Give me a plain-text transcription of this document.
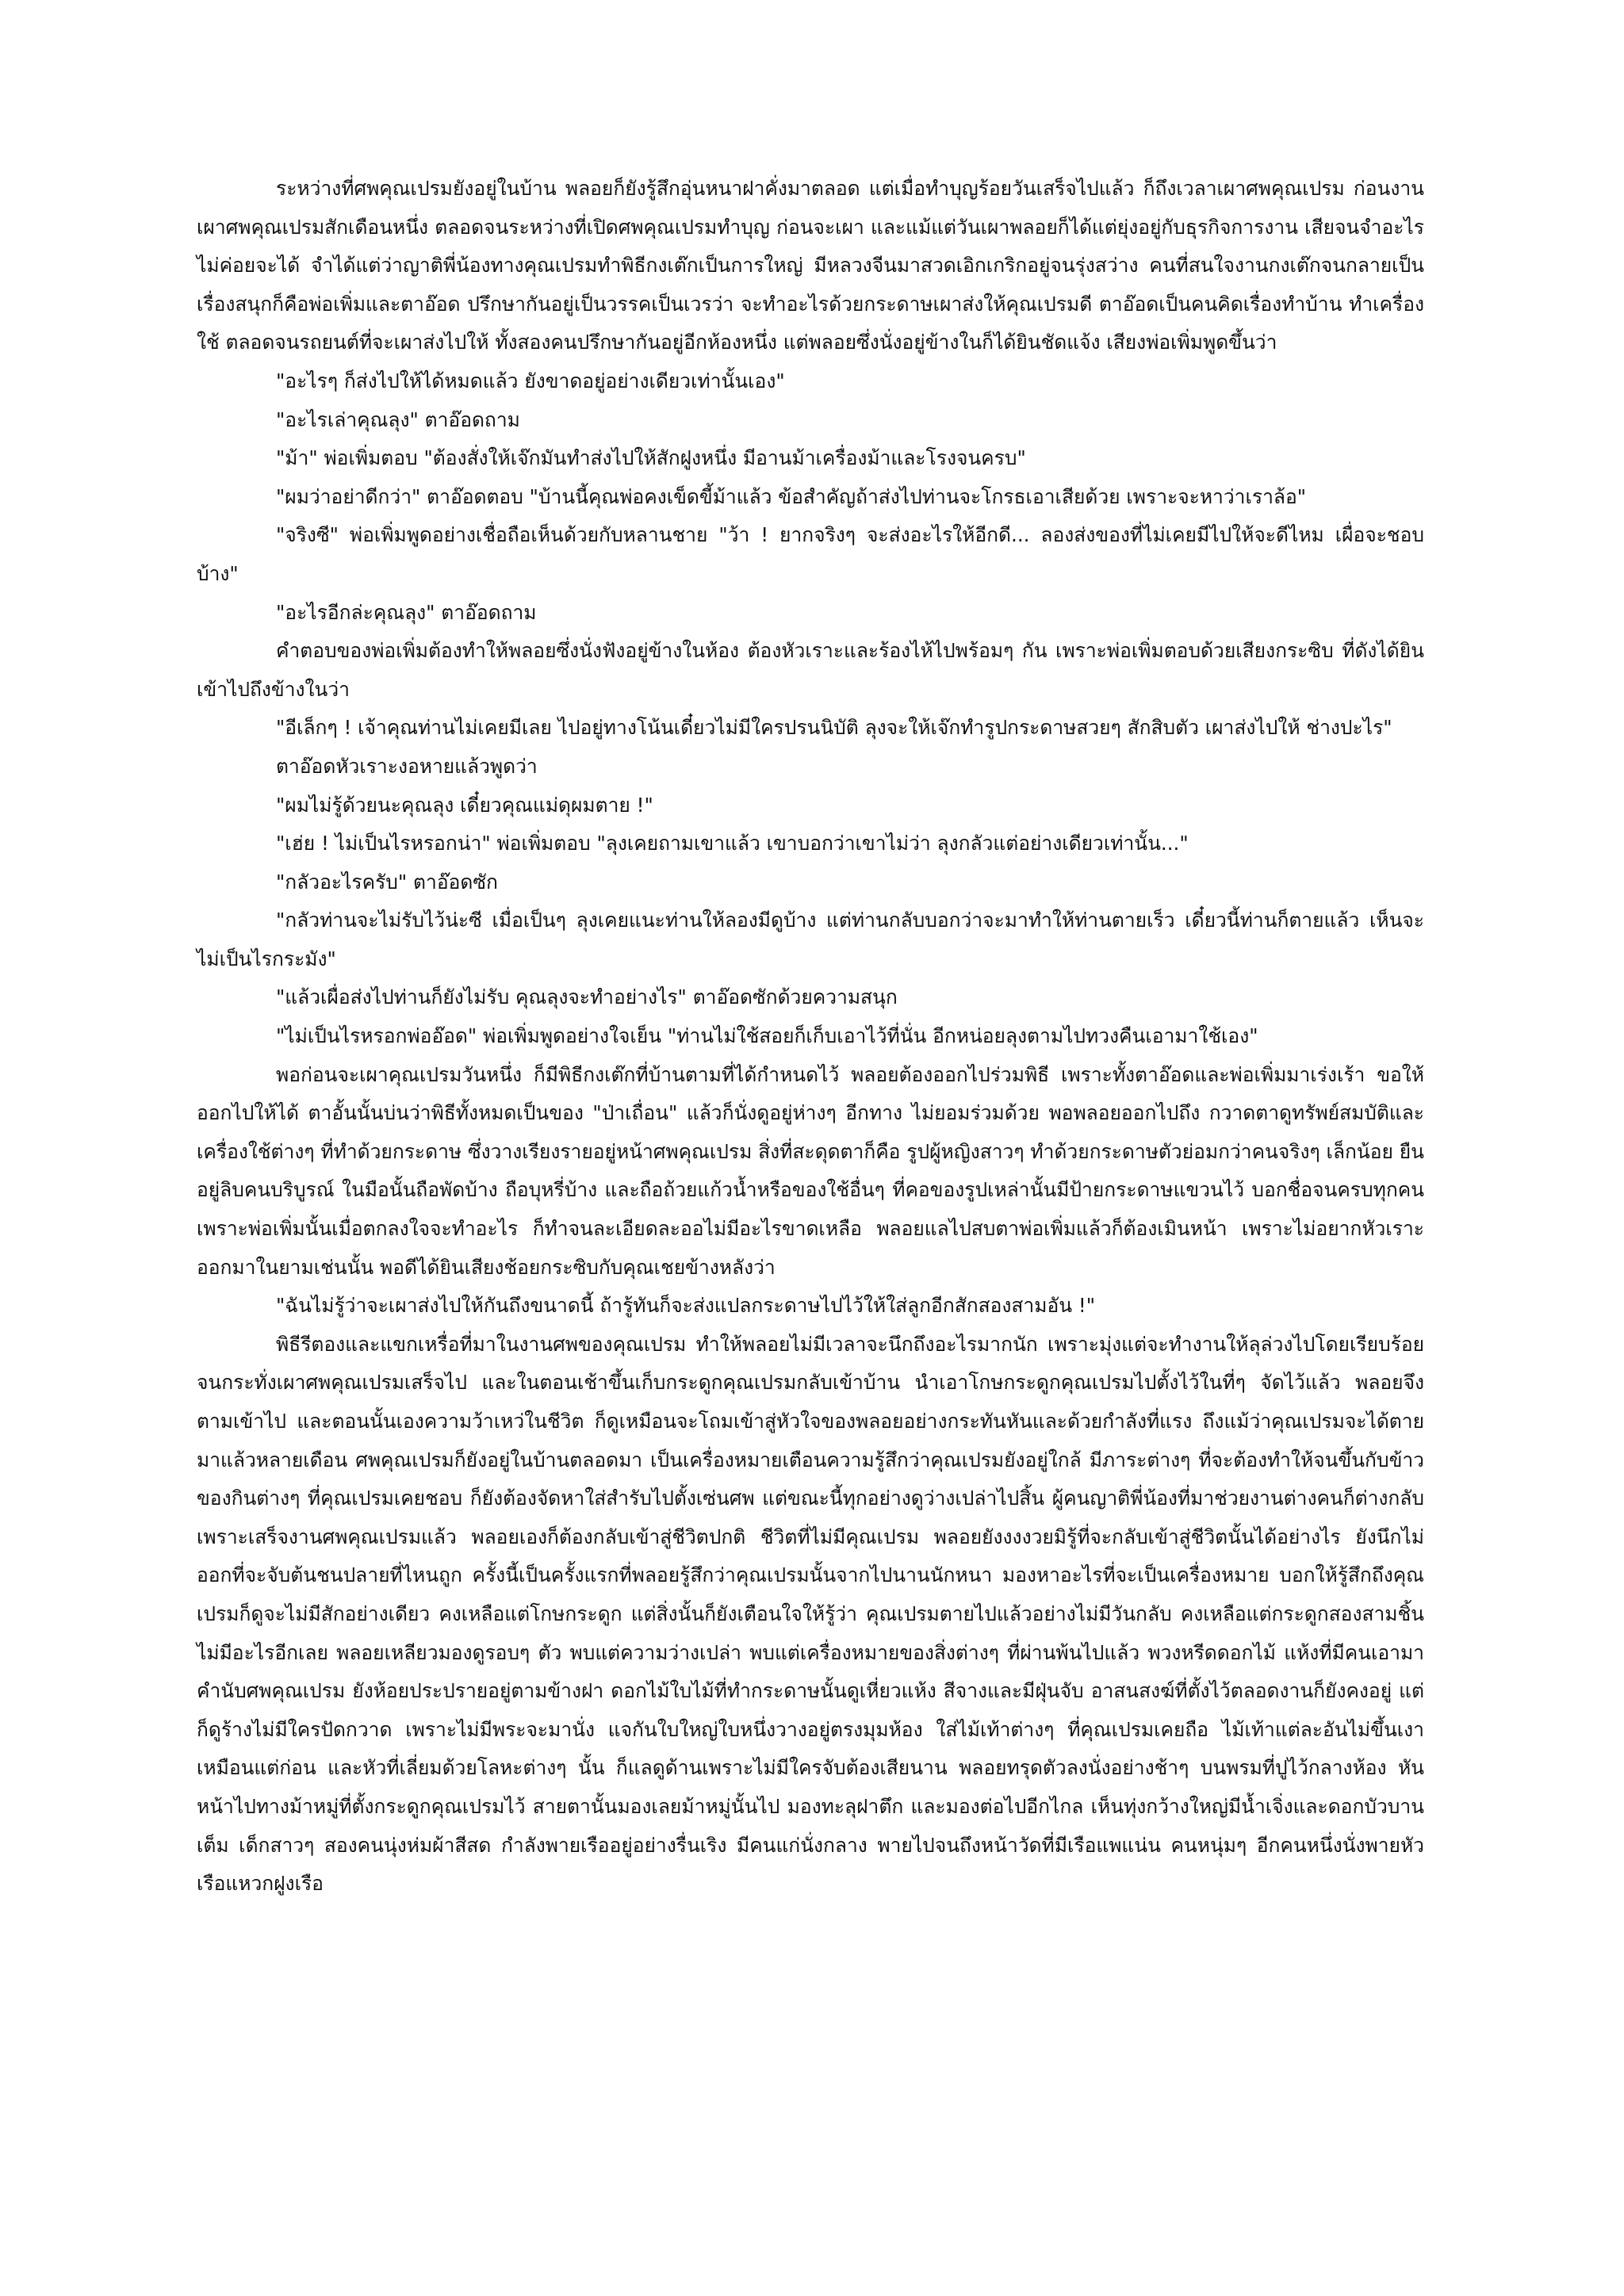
ระหว่างที่ศพคุณเปรมยังอยู่ในบ้าน พลอยก็ยังรู้สึกอุ่นหนาฝาคั่งมาตลอด แต่เมื่อทำบุญร้อยวันเสร็จไปแล้ว ก็ถึงเวลาเผาศพคุณเปรม ก่อนงานเผาศพคุณเปรมสักเดือนหนึ่ง ตลอดจนระหว่างที่เปิดศพคุณเปรมทำบุญ ก่อนจะเผา และแม้แต่วันเผาพลอยก็ได้แต่ยุ่งอยู่กับธุรกิจการงาน เสียจนจำอะไรไม่ค่อยจะได้ จำได้แต่ว่าญาติพี่น้องทางคุณเปรมทำพิธีกงเต๊กเป็นการใหญ่ มีหลวงจีนมาสวดเอิกเกริกอยู่จนรุ่งสว่าง คนที่สนใจงานกงเต๊กจนกลายเป็นเรื่องสนุกก็คือพ่อเพิ่มและตาอ๊อด ปรึกษากันอยู่เป็นวรรคเป็นเวรว่า จะทำอะไรด้วยกระดาษเผาส่งให้คุณเปรมดี ตาอ๊อดเป็นคนคิดเรื่องทำบ้าน ทำเครื่องใช้ ตลอดจนรถยนต์ที่จะเผาส่งไปให้ ทั้งสองคนปรึกษากันอยู่อีกห้องหนึ่ง แต่พลอยซึ่งนั่งอยู่ข้างในก็ได้ยินชัดแจ้ง เสียงพ่อเพิ่มพูดขึ้นว่า

"อะไรๆ ก็ส่งไปให้ได้หมดแล้ว ยังขาดอยู่อย่างเดียวเท่านั้นเอง"

"อะไรเล่าคุณลุง" ตาอ๊อดถาม

"ม้า" พ่อเพิ่มตอบ "ต้องสั่งให้เจ๊กมันทำส่งไปให้สักฝูงหนึ่ง มีอานม้าเครื่องม้าและโรงจนครบ"

"ผมว่าอย่าดีกว่า" ตาอ๊อดตอบ "บ้านนี้คุณพ่อคงเข็ดขี้ม้าแล้ว ข้อสำคัญถ้าส่งไปท่านจะโกรธเอาเสียด้วย เพราะจะหาว่าเราล้อ"

"จริงซี" พ่อเพิ่มพูดอย่างเชื่อถือเห็นด้วยกับหลานชาย "ว้า ! ยากจริงๆ จะส่งอะไรให้อีกดี... ลองส่งของที่ไม่เคยมีไปให้จะดีไหม เผื่อจะชอบบ้าง"

"อะไรอีกล่ะคุณลุง" ตาอ๊อดถาม

คำตอบของพ่อเพิ่มต้องทำให้พลอยซึ่งนั่งฟังอยู่ข้างในห้อง ต้องหัวเราะและร้องไห้ไปพร้อมๆ กัน เพราะพ่อเพิ่มตอบด้วยเสียงกระซิบ ที่ดังได้ยินเข้าไปถึงข้างในว่า

"อีเล็กๆ ! เจ้าคุณท่านไม่เคยมีเลย ไปอยู่ทางโน้นเดี๋ยวไม่มีใครปรนนิบัติ ลุงจะให้เจ๊กทำรูปกระดาษสวยๆ สักสิบตัว เผาส่งไปให้ ช่างปะไร"

ตาอ๊อดหัวเราะงอหายแล้วพูดว่า

"ผมไม่รู้ด้วยนะคุณลุง เดี๋ยวคุณแม่ดุผมตาย !"

"เฮ่ย ! ไม่เป็นไรหรอกน่า" พ่อเพิ่มตอบ "ลุงเคยถามเขาแล้ว เขาบอกว่าเขาไม่ว่า ลุงกลัวแต่อย่างเดียวเท่านั้น..."

"กลัวอะไรครับ" ตาอ๊อดซัก

"กลัวท่านจะไม่รับไว้น่ะซี เมื่อเป็นๆ ลุงเคยแนะท่านให้ลองมีดูบ้าง แต่ท่านกลับบอกว่าจะมาทำให้ท่านตายเร็ว เดี๋ยวนี้ท่านก็ตายแล้ว เห็นจะไม่เป็นไรกระมัง"

"แล้วเผื่อส่งไปท่านก็ยังไม่รับ คุณลุงจะทำอย่างไร" ตาอ๊อดซักด้วยความสนุก

"ไม่เป็นไรหรอกพ่ออ๊อด" พ่อเพิ่มพูดอย่างใจเย็น "ท่านไม่ใช้สอยก็เก็บเอาไว้ที่นั่น อีกหน่อยลุงตามไปทวงคืนเอามาใช้เอง"

พอก่อนจะเผาคุณเปรมวันหนึ่ง ก็มีพิธีกงเต๊กที่บ้านตามที่ได้กำหนดไว้ พลอยต้องออกไปร่วมพิธี เพราะทั้งตาอ๊อดและพ่อเพิ่มมาเร่งเร้า ขอให้ออกไปให้ได้ ตาอั้นนั้นบ่นว่าพิธีทั้งหมดเป็นของ "ป่าเถื่อน" แล้วก็นั่งดูอยู่ห่างๆ อีกทาง ไม่ยอมร่วมด้วย พอพลอยออกไปถึง กวาดตาดูทรัพย์สมบัติและเครื่องใช้ต่างๆ ที่ทำด้วยกระดาษ ซึ่งวางเรียงรายอยู่หน้าศพคุณเปรม สิ่งที่สะดุดตาก็คือ รูปผู้หญิงสาวๆ ทำด้วยกระดาษตัวย่อมกว่าคนจริงๆ เล็กน้อย ยืนอยู่ลิบคนบริบูรณ์ ในมือนั้นถือพัดบ้าง ถือบุหรี่บ้าง และถือถ้วยแก้วน้ำหรือของใช้อื่นๆ ที่คอของรูปเหล่านั้นมีป้ายกระดาษแขวนไว้ บอกชื่อจนครบทุกคน เพราะพ่อเพิ่มนั้นเมื่อตกลงใจจะทำอะไร ก็ทำจนละเอียดละออไม่มีอะไรขาดเหลือ พลอยแลไปสบตาพ่อเพิ่มแล้วก็ต้องเมินหน้า เพราะไม่อยากหัวเราะออกมาในยามเช่นนั้น พอดีได้ยินเสียงช้อยกระซิบกับคุณเชยข้างหลังว่า

"ฉันไม่รู้ว่าจะเผาส่งไปให้กันถึงขนาดนี้ ถ้ารู้ทันก็จะส่งแปลกระดาษไปไว้ให้ใส่ลูกอีกสักสองสามอัน !"

พิธีรีตองและแขกเหรื่อที่มาในงานศพของคุณเปรม ทำให้พลอยไม่มีเวลาจะนึกถึงอะไรมากนัก เพราะมุ่งแต่จะทำงานให้ลุล่วงไปโดยเรียบร้อย จนกระทั่งเผาศพคุณเปรมเสร็จไป และในตอนเช้าขึ้นเก็บกระดูกคุณเปรมกลับเข้าบ้าน นำเอาโกษกระดูกคุณเปรมไปตั้งไว้ในที่ๆ จัดไว้แล้ว พลอยจึงตามเข้าไป และตอนนั้นเองความว้าเหว่ในชีวิต ก็ดูเหมือนจะโถมเข้าสู่หัวใจของพลอยอย่างกระทันหันและด้วยกำลังที่แรง ถึงแม้ว่าคุณเปรมจะได้ตายมาแล้วหลายเดือน ศพคุณเปรมก็ยังอยู่ในบ้านตลอดมา เป็นเครื่องหมายเตือนความรู้สึกว่าคุณเปรมยังอยู่ใกล้ มีภาระต่างๆ ที่จะต้องทำให้จนขึ้นกับข้าวของกินต่างๆ ที่คุณเปรมเคยชอบ ก็ยังต้องจัดหาใส่สำรับไปตั้งเซ่นศพ แต่ขณะนี้ทุกอย่างดูว่างเปล่าไปสิ้น ผู้คนญาติพี่น้องที่มาช่วยงานต่างคนก็ต่างกลับ เพราะเสร็จงานศพคุณเปรมแล้ว พลอยเองก็ต้องกลับเข้าสู่ชีวิตปกติ ชีวิตที่ไม่มีคุณเปรม พลอยยังงงงวยมิรู้ที่จะกลับเข้าสู่ชีวิตนั้นได้อย่างไร ยังนึกไม่ออกที่จะจับต้นชนปลายที่ไหนถูก ครั้งนี้เป็นครั้งแรกที่พลอยรู้สึกว่าคุณเปรมนั้นจากไปนานนักหนา มองหาอะไรที่จะเป็นเครื่องหมาย บอกให้รู้สึกถึงคุณเปรมก็ดูจะไม่มีสักอย่างเดียว คงเหลือแต่โกษกระดูก แต่สิ่งนั้นก็ยังเตือนใจให้รู้ว่า คุณเปรมตายไปแล้วอย่างไม่มีวันกลับ คงเหลือแต่กระดูกสองสามชิ้นไม่มีอะไรอีกเลย พลอยเหลียวมองดูรอบๆ ตัว พบแต่ความว่างเปล่า พบแต่เครื่องหมายของสิ่งต่างๆ ที่ผ่านพ้นไปแล้ว พวงหรีดดอกไม้ แห้งที่มีคนเอามาคำนับศพคุณเปรม ยังห้อยประปรายอยู่ตามข้างฝา ดอกไม้ใบไม้ที่ทำกระดาษนั้นดูเหี่ยวแห้ง สีจางและมีฝุ่นจับ อาสนสงฆ์ที่ตั้งไว้ตลอดงานก็ยังคงอยู่ แต่ก็ดูร้างไม่มีใครปัดกวาด เพราะไม่มีพระจะมานั่ง แจกันใบใหญ่ใบหนึ่งวางอยู่ตรงมุมห้อง ใส่ไม้เท้าต่างๆ ที่คุณเปรมเคยถือ ไม้เท้าแต่ละอันไม่ขึ้นเงาเหมือนแต่ก่อน และหัวที่เลี่ยมด้วยโลหะต่างๆ นั้น ก็แลดูด้านเพราะไม่มีใครจับต้องเสียนาน พลอยทรุดตัวลงนั่งอย่างช้าๆ บนพรมที่ปูไว้กลางห้อง หันหน้าไปทางม้าหมู่ที่ตั้งกระดูกคุณเปรมไว้ สายตานั้นมองเลยม้าหมู่นั้นไป มองทะลุฝาตึก และมองต่อไปอีกไกล เห็นทุ่งกว้างใหญ่มีน้ำเจิ่งและดอกบัวบานเต็ม เด็กสาวๆ สองคนนุ่งห่มผ้าสีสด กำลังพายเรืออยู่อย่างรื่นเริง มีคนแก่นั่งกลาง พายไปจนถึงหน้าวัดที่มีเรือแพแน่น คนหนุ่มๆ อีกคนหนึ่งนั่งพายหัวเรือแหวกฝูงเรือ
